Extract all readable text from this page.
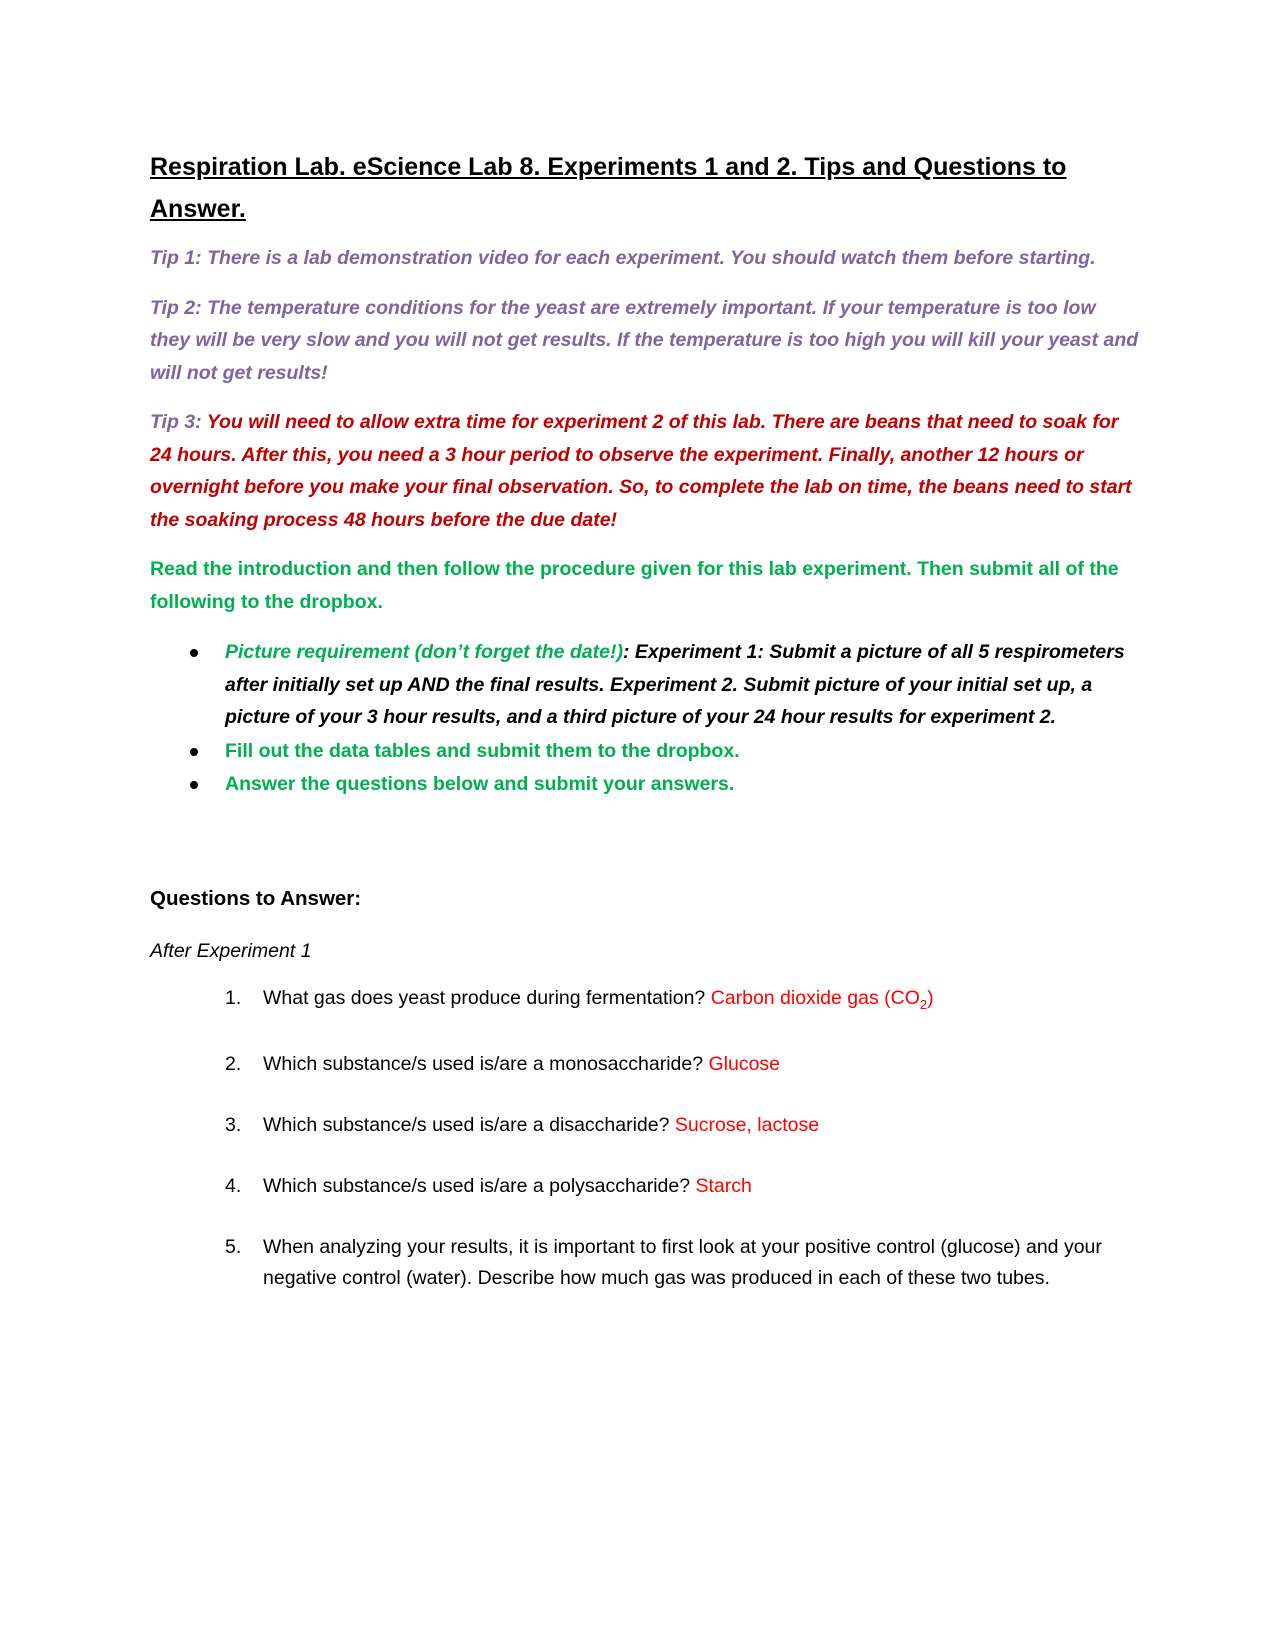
Respiration Lab. eScience Lab 8. Experiments 1 and 2. Tips and Questions to Answer.

Tip 1: There is a lab demonstration video for each experiment. You should watch them before starting.

Tip 2: The temperature conditions for the yeast are extremely important. If your temperature is too low they will be very slow and you will not get results. If the temperature is too high you will kill your yeast and will not get results!

Tip 3: You will need to allow extra time for experiment 2 of this lab. There are beans that need to soak for 24 hours. After this, you need a 3 hour period to observe the experiment. Finally, another 12 hours or overnight before you make your final observation. So, to complete the lab on time, the beans need to start the soaking process 48 hours before the due date!

Read the introduction and then follow the procedure given for this lab experiment. Then submit all of the following to the dropbox.

Picture requirement (don’t forget the date!): Experiment 1: Submit a picture of all 5 respirometers after initially set up AND the final results. Experiment 2. Submit picture of your initial set up, a picture of your 3 hour results, and a third picture of your 24 hour results for experiment 2.
Fill out the data tables and submit them to the dropbox.
Answer the questions below and submit your answers.
Questions to Answer:

After Experiment 1

1. What gas does yeast produce during fermentation? Carbon dioxide gas $(CO_2)$
2. Which substance/s used is/are a monosaccharide? Glucose
3. Which substance/s used is/are a disaccharide? Sucrose, lactose
4. Which substance/s used is/are a polysaccharide? Starch
5. When analyzing your results, it is important to first look at your positive control (glucose) and your negative control (water). Describe how much gas was produced in each of these two tubes.
